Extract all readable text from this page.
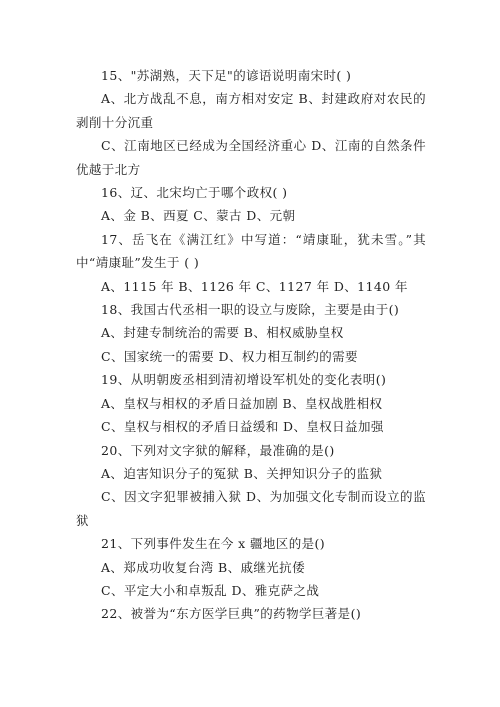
15、"苏湖熟，天下足"的谚语说明南宋时( )

A、北方战乱不息，南方相对安定 B、封建政府对农民的剥削十分沉重

C、江南地区已经成为全国经济重心 D、江南的自然条件优越于北方

16、辽、北宋均亡于哪个政权( )

A、金 B、西夏 C、蒙古 D、元朝

17、岳飞在《满江红》中写道：“靖康耻，犹未雪。”其中“靖康耻”发生于 ( )

A、1115 年 B、1126 年 C、1127 年 D、1140 年

18、我国古代丞相一职的设立与废除，主要是由于()

A、封建专制统治的需要 B、相权威胁皇权

C、国家统一的需要 D、权力相互制约的需要

19、从明朝废丞相到清初增设军机处的变化表明()

A、皇权与相权的矛盾日益加剧 B、皇权战胜相权

C、皇权与相权的矛盾日益缓和 D、皇权日益加强

20、下列对文字狱的解释，最准确的是()

A、迫害知识分子的冤狱 B、关押知识分子的监狱

C、因文字犯罪被捕入狱 D、为加强文化专制而设立的监狱

21、下列事件发生在今 x 疆地区的是()

A、郑成功收复台湾 B、戚继光抗倭

C、平定大小和卓叛乱 D、雅克萨之战

22、被誉为“东方医学巨典”的药物学巨著是()
